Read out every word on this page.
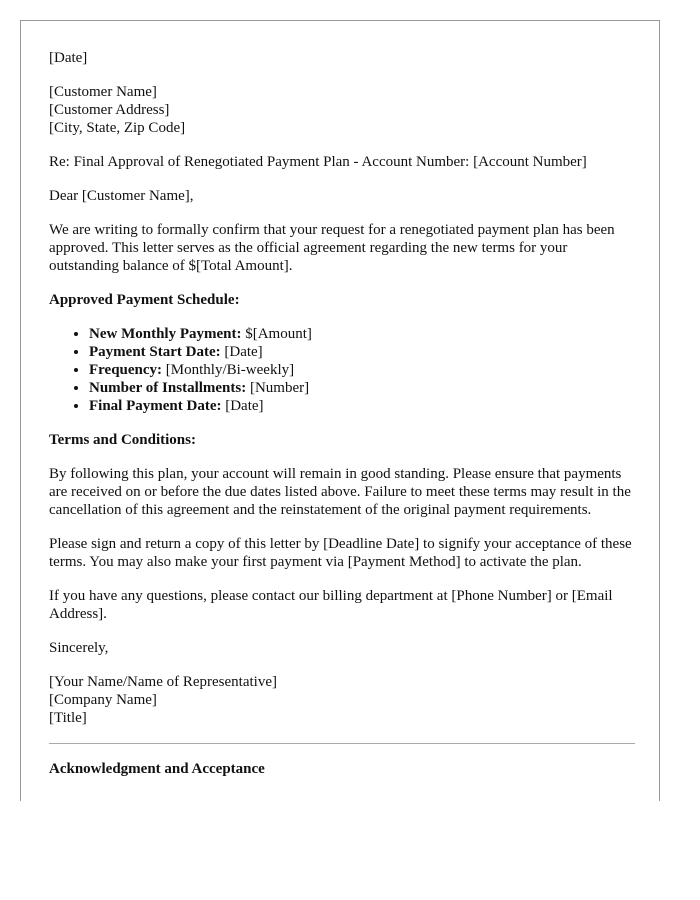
[Date]

[Customer Name]

[Customer Address]

[City, State, Zip Code]

Re: Final Approval of Renegotiated Payment Plan - Account Number: [Account Number]

Dear [Customer Name],

We are writing to formally confirm that your request for a renegotiated payment plan has been approved. This letter serves as the official agreement regarding the new terms for your outstanding balance of $[Total Amount].

Approved Payment Schedule:

• New Monthly Payment: $[Amount]
• Payment Start Date: [Date]
• Frequency: [Monthly/Bi-weekly]
• Number of Installments: [Number]
• Final Payment Date: [Date]

Terms and Conditions:

By following this plan, your account will remain in good standing. Please ensure that payments are received on or before the due dates listed above. Failure to meet these terms may result in the cancellation of this agreement and the reinstatement of the original payment requirements.

Please sign and return a copy of this letter by [Deadline Date] to signify your acceptance of these terms. You may also make your first payment via [Payment Method] to activate the plan.

If you have any questions, please contact our billing department at [Phone Number] or [Email Address].

Sincerely,

[Your Name/Name of Representative]

[Company Name]

[Title]

Acknowledgment and Acceptance
